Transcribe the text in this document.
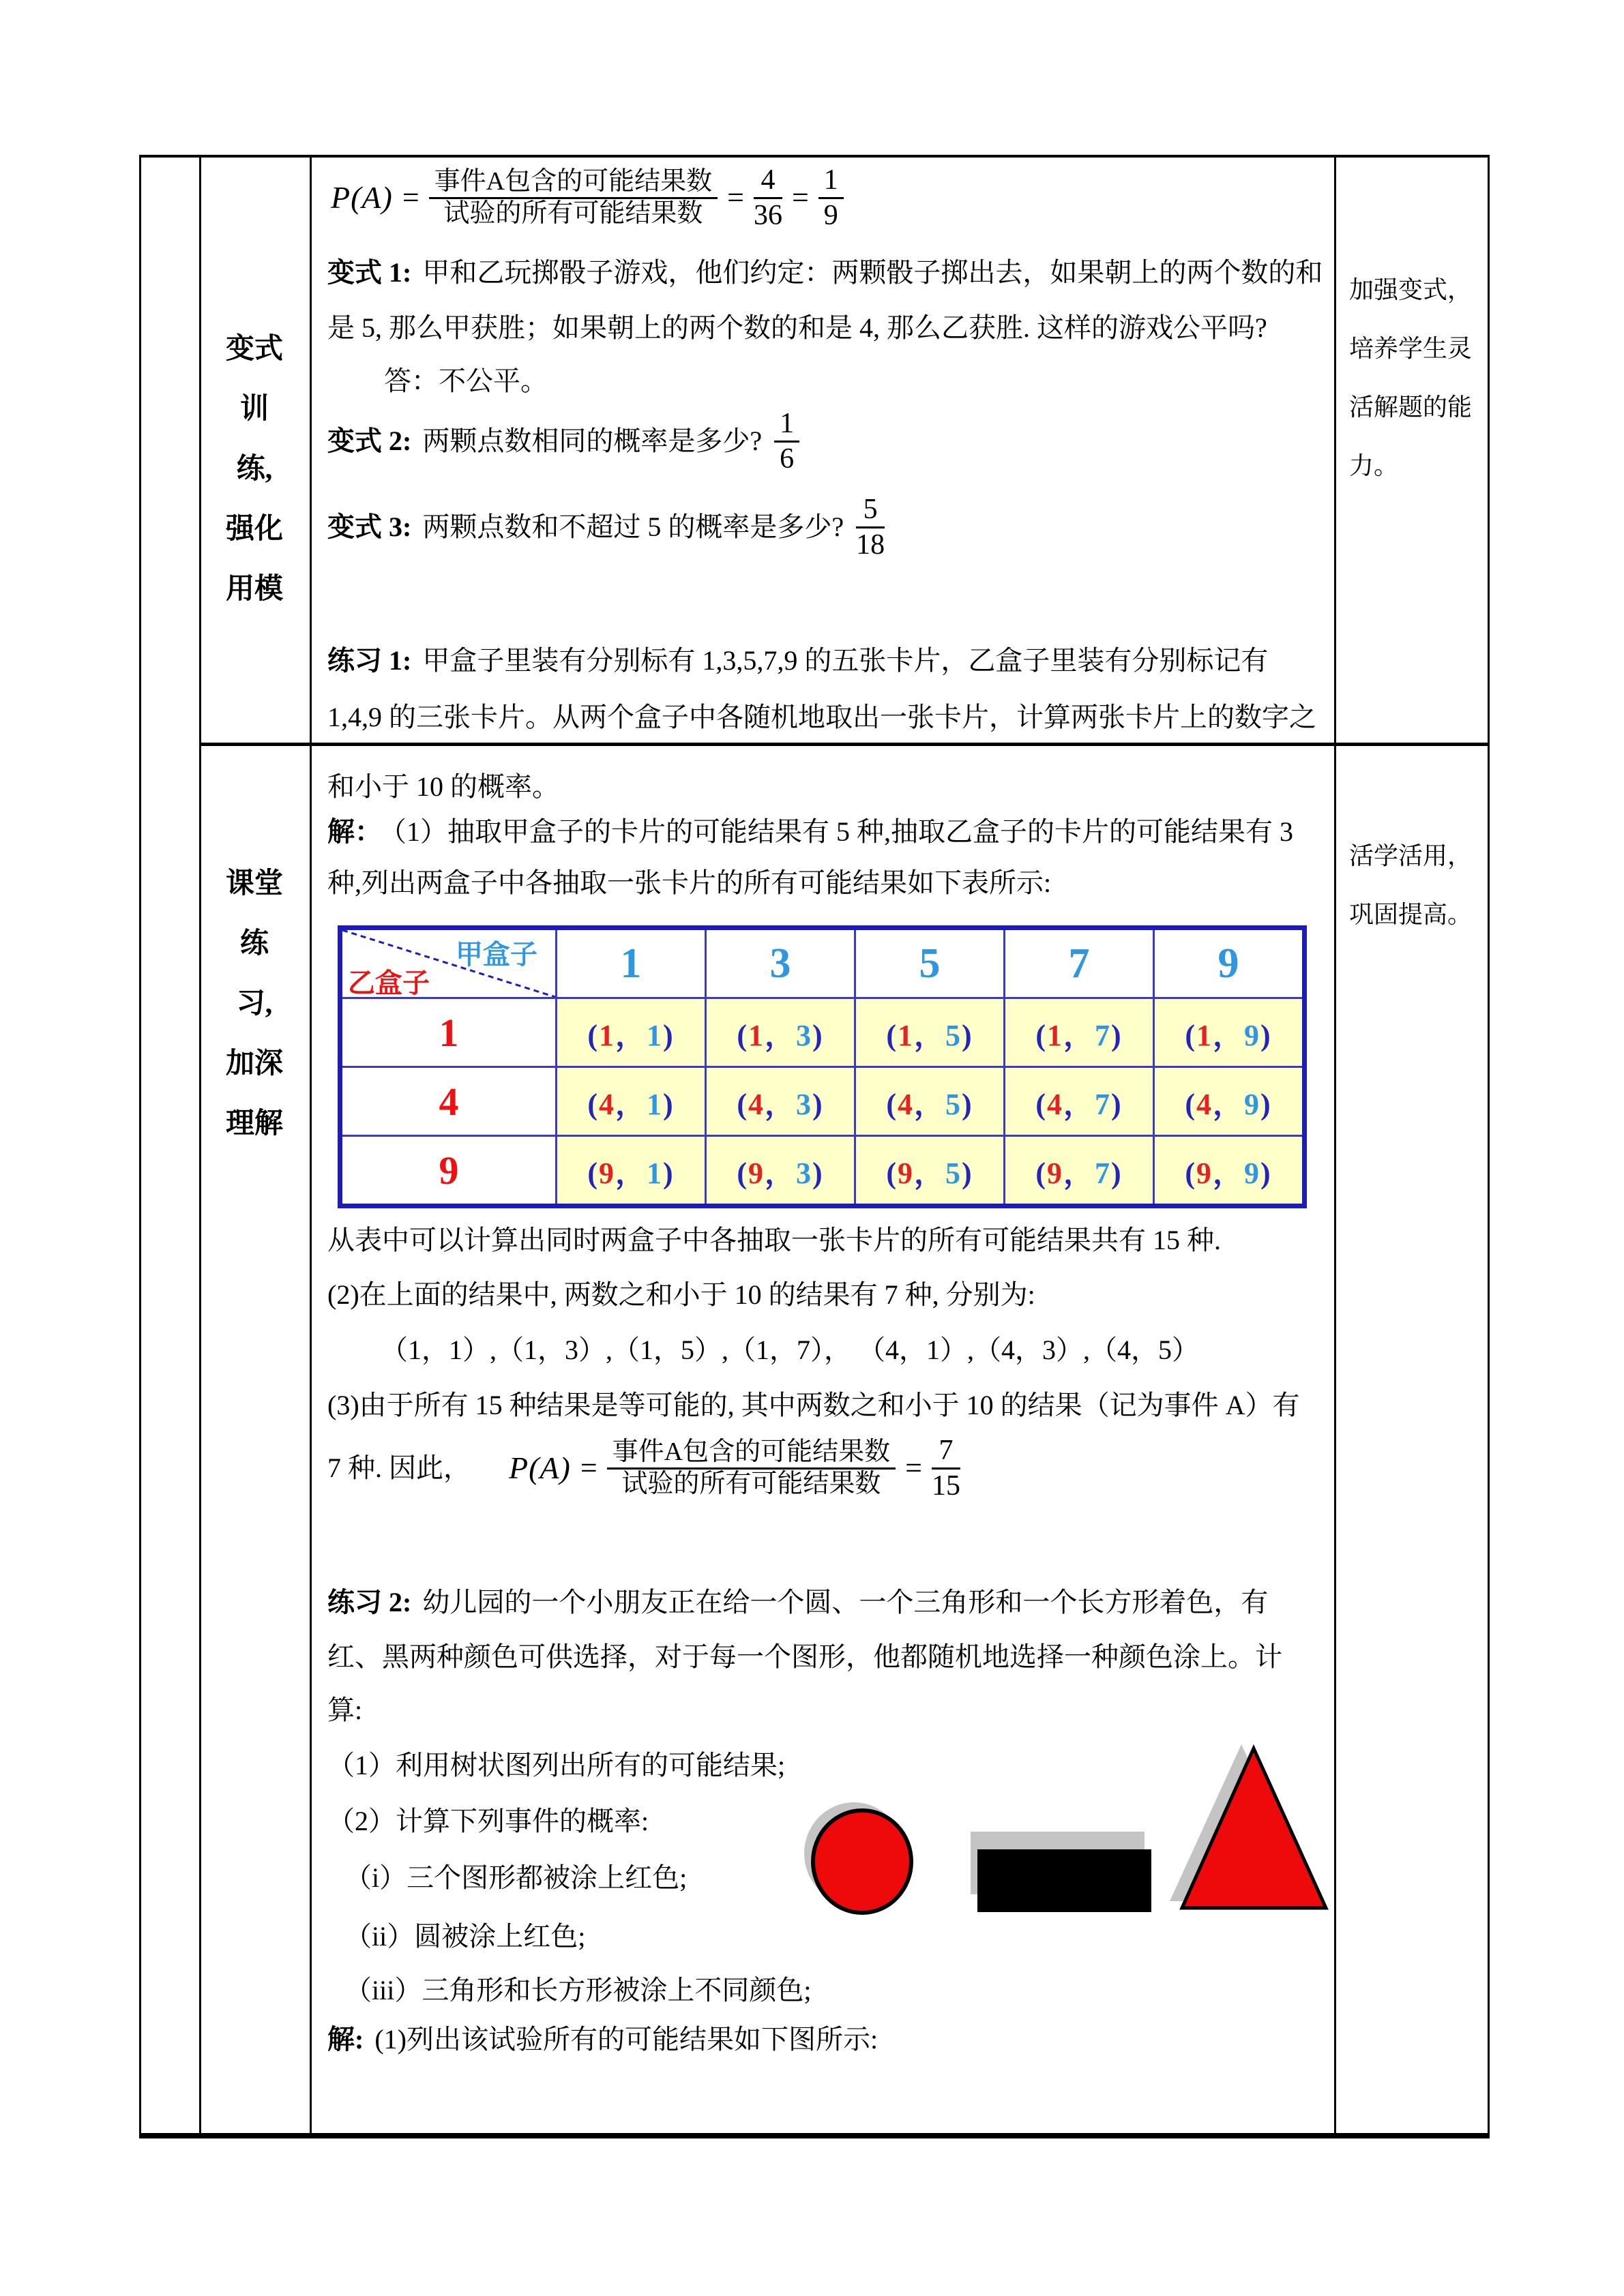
变式
训
练,
强化
用模
课堂
练
习,
加深
理解
加强变式，
培养学生灵
活解题的能
力。
活学活用，
巩固提高。
$P(A) = \frac{\text{事件A包含的可能结果数}}{\text{试验的所有可能结果数}} = \frac{4}{36} = \frac{1}{9}$
变式 1: 甲和乙玩掷骰子游戏，他们约定：两颗骰子掷出去，如果朝上的两个数的和
是 5, 那么甲获胜；如果朝上的两个数的和是 4, 那么乙获胜. 这样的游戏公平吗?
答：不公平。
变式 2: 两颗点数相同的概率是多少? $\frac{1}{6}$
变式 3: 两颗点数和不超过 5 的概率是多少? $\frac{5}{18}$
练习 1: 甲盒子里装有分别标有 1,3,5,7,9 的五张卡片，乙盒子里装有分别标记有
1,4,9 的三张卡片。从两个盒子中各随机地取出一张卡片，计算两张卡片上的数字之
和小于 10 的概率。
解： （1）抽取甲盒子的卡片的可能结果有 5 种,抽取乙盒子的卡片的可能结果有 3
种,列出两盒子中各抽取一张卡片的所有可能结果如下表所示:
甲盒子
乙盒子	1	3	5	7	9
1	(1，1)	(1，3)	(1，5)	(1，7)	(1，9)
4	(4，1)	(4，3)	(4，5)	(4，7)	(4，9)
9	(9，1)	(9，3)	(9，5)	(9，7)	(9，9)
从表中可以计算出同时两盒子中各抽取一张卡片的所有可能结果共有 15 种.
(2)在上面的结果中, 两数之和小于 10 的结果有 7 种, 分别为:
（1，1）,（1，3）,（1，5）,（1，7）， （4，1）,（4，3）,（4，5）
(3)由于所有 15 种结果是等可能的, 其中两数之和小于 10 的结果（记为事件 A）有
7 种. 因此， $P(A) = \frac{\text{事件A包含的可能结果数}}{\text{试验的所有可能结果数}} = \frac{7}{15}$
练习 2: 幼儿园的一个小朋友正在给一个圆、一个三角形和一个长方形着色，有
红、黑两种颜色可供选择，对于每一个图形，他都随机地选择一种颜色涂上。计
算:
（1）利用树状图列出所有的可能结果;
（2）计算下列事件的概率:
（i）三个图形都被涂上红色;
（ii）圆被涂上红色;
（iii）三角形和长方形被涂上不同颜色;
解: (1)列出该试验所有的可能结果如下图所示:
